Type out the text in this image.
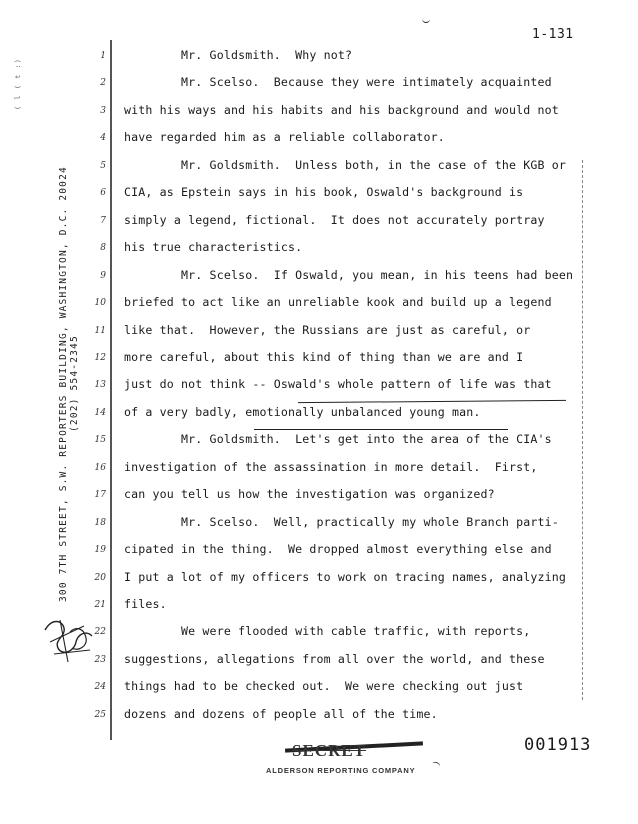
1-131
( l ( t :)
300 7TH STREET, S.W. REPORTERS BUILDING, WASHINGTON, D.C. 20024 (202) 554-2345
1 Mr. Goldsmith.  Why not?
2 Mr. Scelso.  Because they were intimately acquainted
3 with his ways and his habits and his background and would not
4 have regarded him as a reliable collaborator.
5 Mr. Goldsmith.  Unless both, in the case of the KGB or
6 CIA, as Epstein says in his book, Oswald's background is
7 simply a legend, fictional.  It does not accurately portray
8 his true characteristics.
9 Mr. Scelso.  If Oswald, you mean, in his teens had been
10 briefed to act like an unreliable kook and build up a legend
11 like that.  However, the Russians are just as careful, or
12 more careful, about this kind of thing than we are and I
13 just do not think -- Oswald's whole pattern of life was that
14 of a very badly, emotionally unbalanced young man.
15 Mr. Goldsmith.  Let's get into the area of the CIA's
16 investigation of the assassination in more detail.  First,
17 can you tell us how the investigation was organized?
18 Mr. Scelso.  Well, practically my whole Branch parti-
19 cipated in the thing.  We dropped almost everything else and
20 I put a lot of my officers to work on tracing names, analyzing
21 files.
22 We were flooded with cable traffic, with reports,
23 suggestions, allegations from all over the world, and these
24 things had to be checked out.  We were checking out just
25 dozens and dozens of people all of the time.
SECRET	001913
ALDERSON REPORTING COMPANY
